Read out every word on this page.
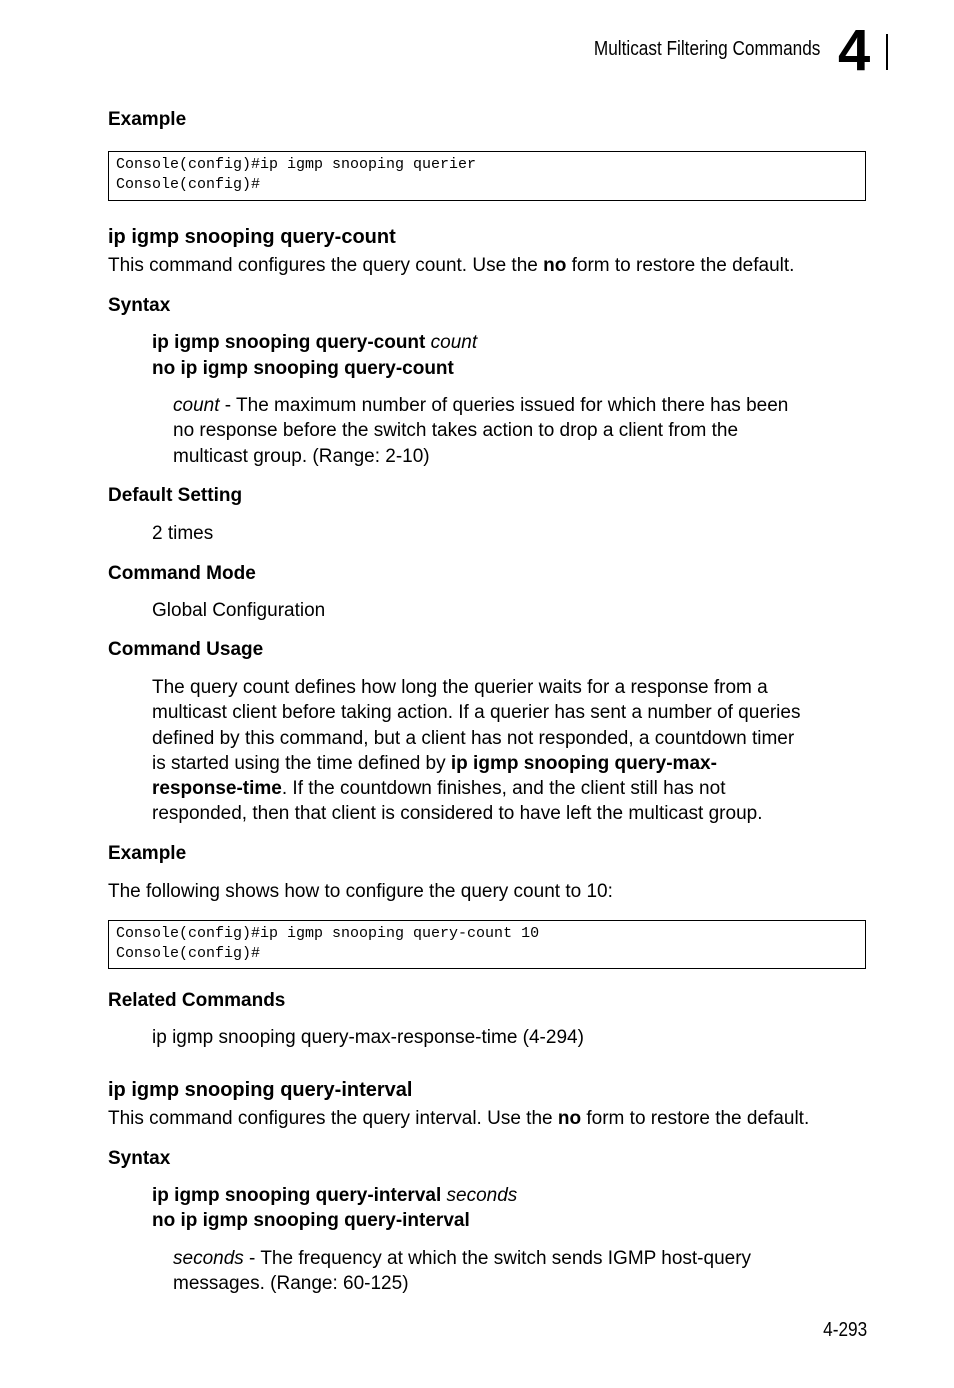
Multicast Filtering Commands 4
Example
Console(config)#ip igmp snooping querier
Console(config)#
ip igmp snooping query-count
This command configures the query count. Use the no form to restore the default.
Syntax
ip igmp snooping query-count count
no ip igmp snooping query-count
count - The maximum number of queries issued for which there has been
no response before the switch takes action to drop a client from the
multicast group. (Range: 2-10)
Default Setting
2 times
Command Mode
Global Configuration
Command Usage
The query count defines how long the querier waits for a response from a
multicast client before taking action. If a querier has sent a number of queries
defined by this command, but a client has not responded, a countdown timer
is started using the time defined by ip igmp snooping query-max-
response-time. If the countdown finishes, and the client still has not
responded, then that client is considered to have left the multicast group.
Example
The following shows how to configure the query count to 10:
Console(config)#ip igmp snooping query-count 10
Console(config)#
Related Commands
ip igmp snooping query-max-response-time (4-294)
ip igmp snooping query-interval
This command configures the query interval. Use the no form to restore the default.
Syntax
ip igmp snooping query-interval seconds
no ip igmp snooping query-interval
seconds - The frequency at which the switch sends IGMP host-query
messages. (Range: 60-125)
4-293
